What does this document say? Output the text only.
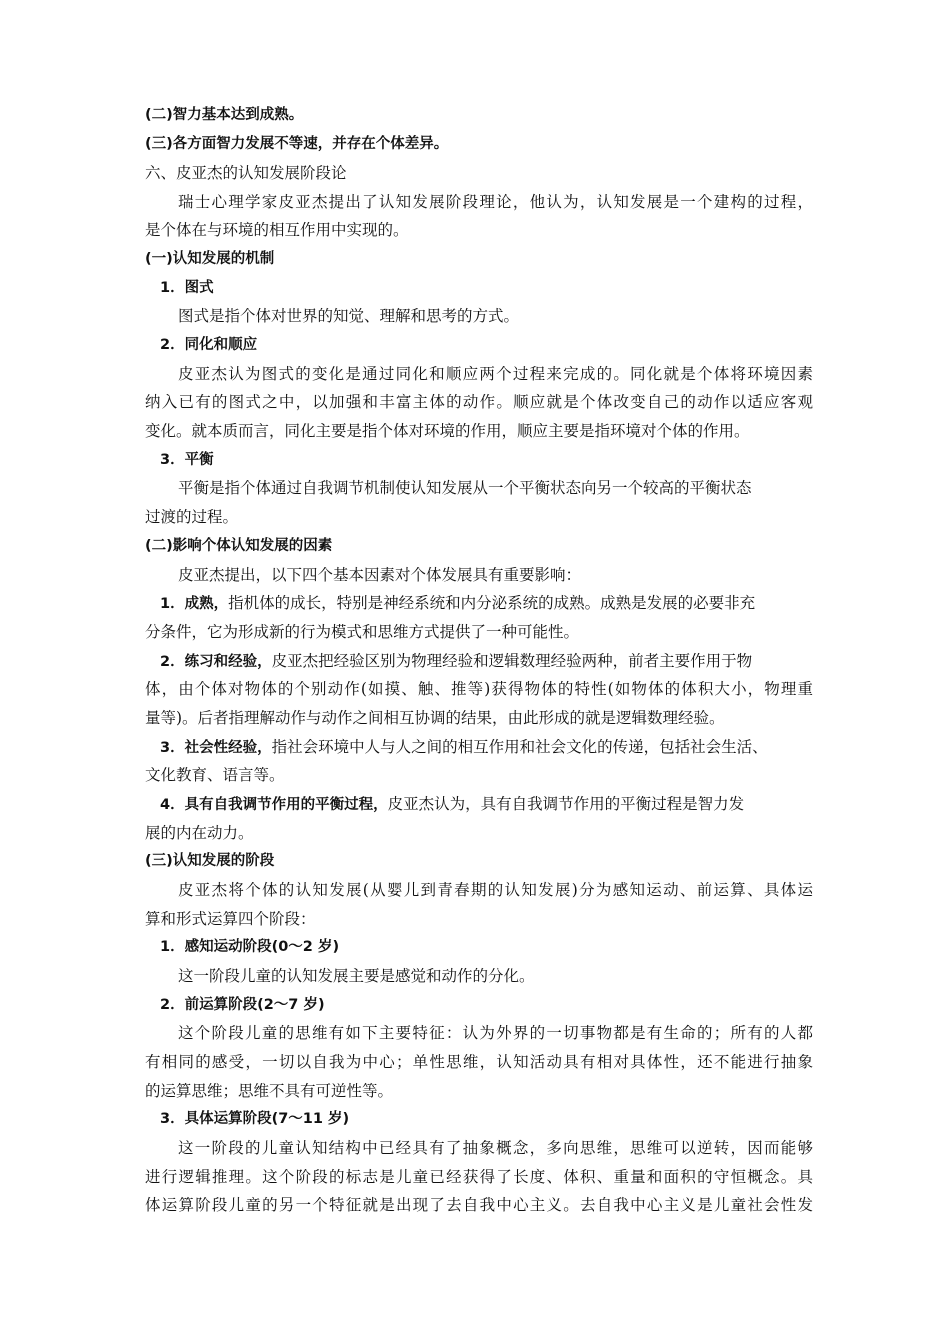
(二)智力基本达到成熟。
(三)各方面智力发展不等速，并存在个体差异。
六、皮亚杰的认知发展阶段论
瑞士心理学家皮亚杰提出了认知发展阶段理论，他认为，认知发展是一个建构的过程，
是个体在与环境的相互作用中实现的。
(一)认知发展的机制
1．图式
图式是指个体对世界的知觉、理解和思考的方式。
2．同化和顺应
皮亚杰认为图式的变化是通过同化和顺应两个过程来完成的。同化就是个体将环境因素
纳入已有的图式之中，以加强和丰富主体的动作。顺应就是个体改变自己的动作以适应客观
变化。就本质而言，同化主要是指个体对环境的作用，顺应主要是指环境对个体的作用。
3．平衡
平衡是指个体通过自我调节机制使认知发展从一个平衡状态向另一个较高的平衡状态
过渡的过程。
(二)影响个体认知发展的因素
皮亚杰提出，以下四个基本因素对个体发展具有重要影响：
1．成熟，指机体的成长，特别是神经系统和内分泌系统的成熟。成熟是发展的必要非充
分条件，它为形成新的行为模式和思维方式提供了一种可能性。
2．练习和经验，皮亚杰把经验区别为物理经验和逻辑数理经验两种，前者主要作用于物
体，由个体对物体的个别动作(如摸、触、推等)获得物体的特性(如物体的体积大小，物理重
量等)。后者指理解动作与动作之间相互协调的结果，由此形成的就是逻辑数理经验。
3．社会性经验，指社会环境中人与人之间的相互作用和社会文化的传递，包括社会生活、
文化教育、语言等。
4．具有自我调节作用的平衡过程，皮亚杰认为，具有自我调节作用的平衡过程是智力发
展的内在动力。
(三)认知发展的阶段
皮亚杰将个体的认知发展(从婴儿到青春期的认知发展)分为感知运动、前运算、具体运
算和形式运算四个阶段：
1．感知运动阶段(0～2 岁)
这一阶段儿童的认知发展主要是感觉和动作的分化。
2．前运算阶段(2～7 岁)
这个阶段儿童的思维有如下主要特征：认为外界的一切事物都是有生命的；所有的人都
有相同的感受，一切以自我为中心；单性思维，认知活动具有相对具体性，还不能进行抽象
的运算思维；思维不具有可逆性等。
3．具体运算阶段(7～11 岁)
这一阶段的儿童认知结构中已经具有了抽象概念，多向思维，思维可以逆转，因而能够
进行逻辑推理。这个阶段的标志是儿童已经获得了长度、体积、重量和面积的守恒概念。具
体运算阶段儿童的另一个特征就是出现了去自我中心主义。去自我中心主义是儿童社会性发
